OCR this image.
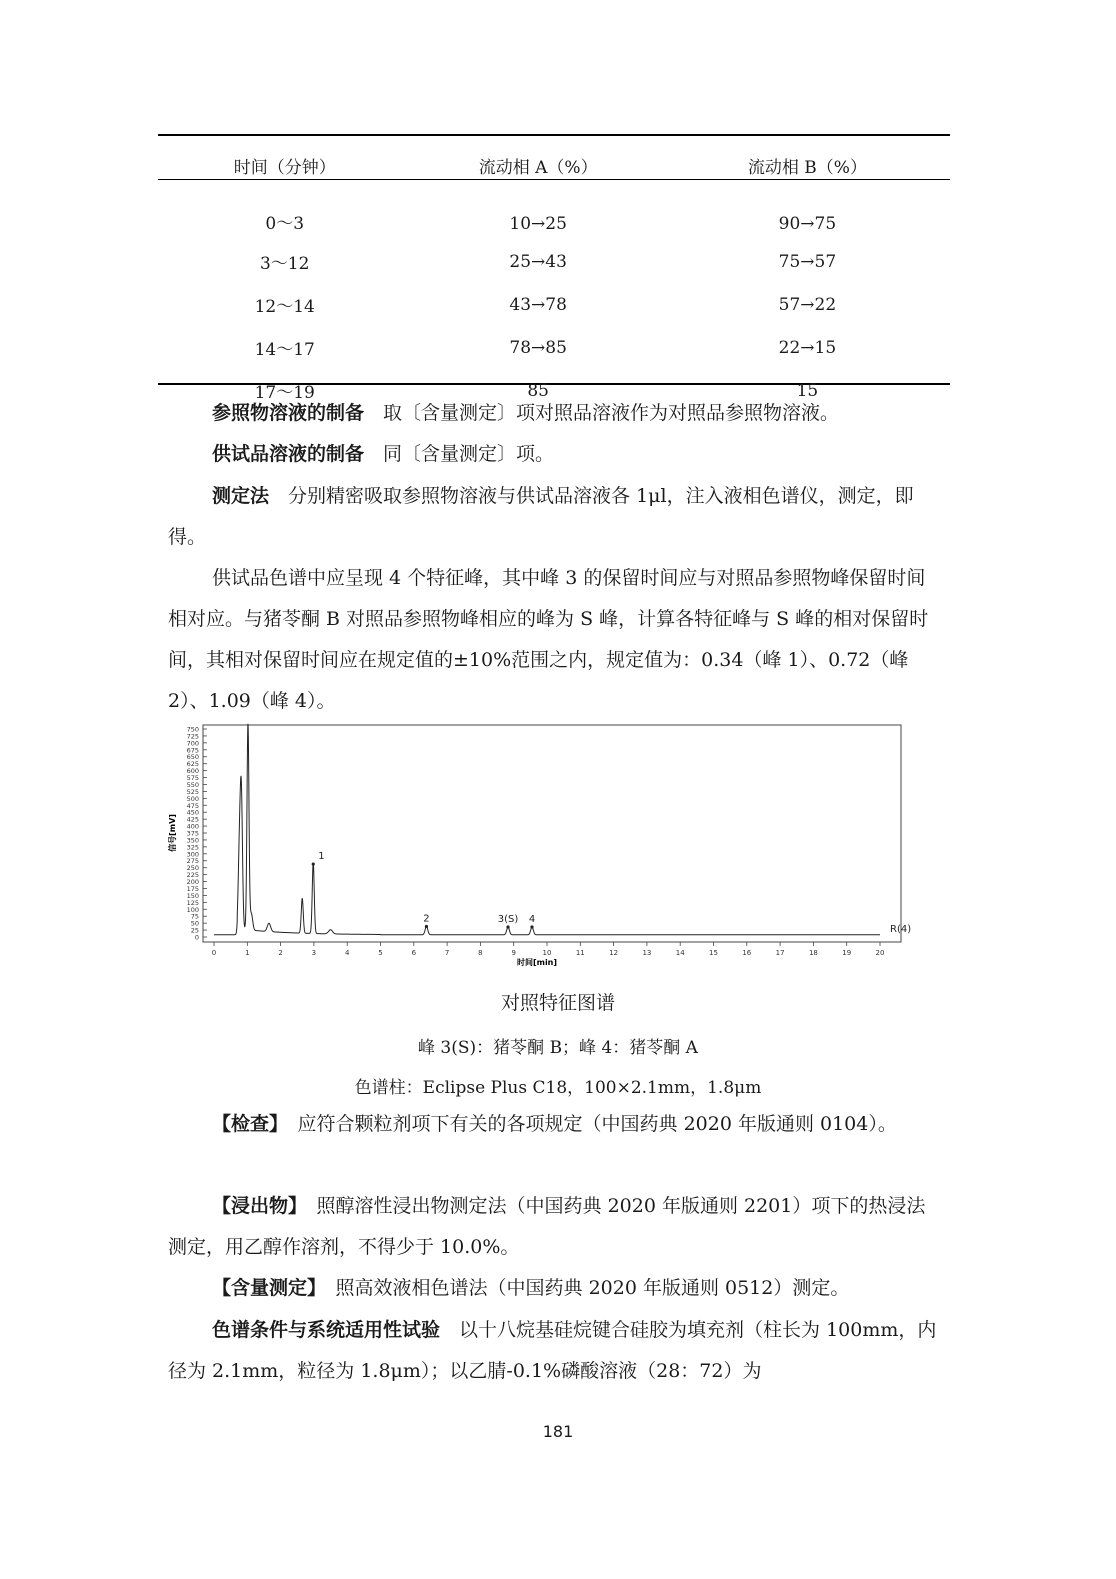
时间（分钟）	流动相 A（%）	流动相 B（%）
0～3	10→25	90→75
3～12	25→43	75→57
12～14	43→78	57→22
14～17	78→85	22→15
17～19	85	15
参照物溶液的制备　 取〔含量测定〕项对照品溶液作为对照品参照物溶液。
供试品溶液的制备　 同〔含量测定〕项。
测定法　 分别精密吸取参照物溶液与供试品溶液各 1μl，注入液相色谱仪，测定，即得。
供试品色谱中应呈现 4 个特征峰，其中峰 3 的保留时间应与对照品参照物峰保留时间相对应。与猪苓酮 B 对照品参照物峰相应的峰为 S 峰，计算各特征峰与 S 峰的相对保留时间，其相对保留时间应在规定值的±10%范围之内，规定值为：0.34（峰 1）、0.72（峰 2）、1.09（峰 4）。
0
25
50
75
100
125
150
175
200
225
250
275
300
325
350
375
400
425
450
475
500
525
550
575
600
625
650
675
700
725
750
0	1	2	3	4	5	6	7	8	9	10	11	12	13	14	15	16	17	18	19	20
1
2	3(S) 4
信号[mV]
时间[min]
R(4)
对照特征图谱
峰 3(S)：猪苓酮 B；峰 4：猪苓酮 A
色谱柱：Eclipse Plus C18，100×2.1mm，1.8μm
【检查】　 应符合颗粒剂项下有关的各项规定（中国药典 2020 年版通则 0104）。
【浸出物】　 照醇溶性浸出物测定法（中国药典 2020 年版通则 2201）项下的热浸法测定，用乙醇作溶剂，不得少于 10.0%。
【含量测定】　 照高效液相色谱法（中国药典 2020 年版通则 0512）测定。
色谱条件与系统适用性试验　 以十八烷基硅烷键合硅胶为填充剂（柱长为 100mm，内径为 2.1mm，粒径为 1.8μm）；以乙腈-0.1%磷酸溶液（28：72）为
181
